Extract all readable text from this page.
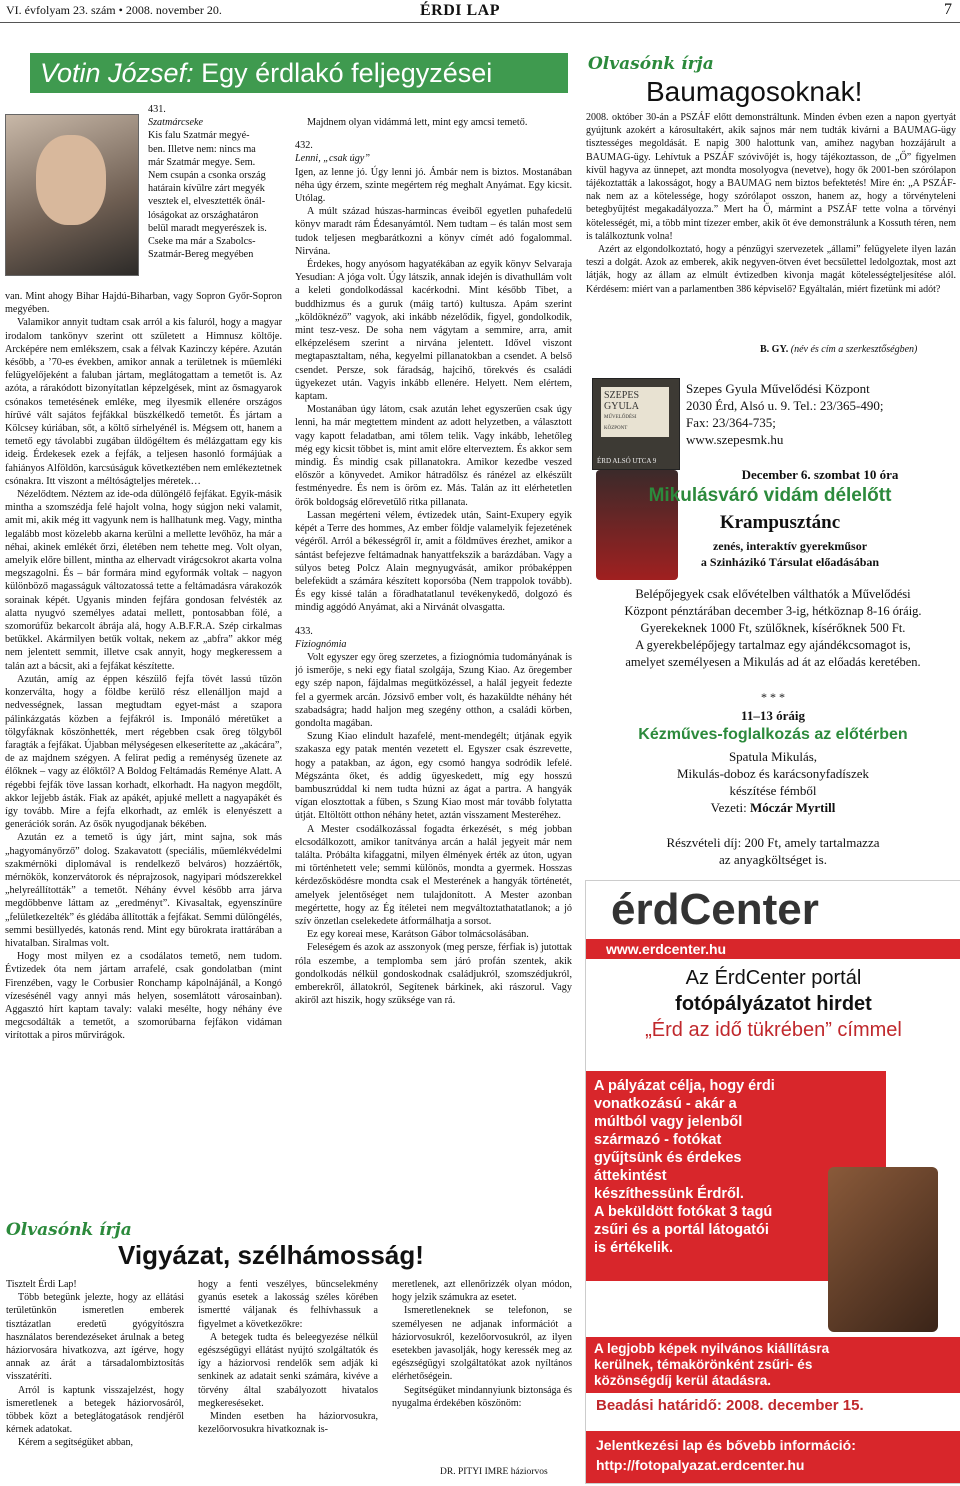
VI. évfolyam 23. szám • 2008. november 20.	ÉRDI LAP	7
Votin József: Egy érdlakó feljegyzései
431.
Szatmárcseke
Kis falu Szatmár megyé-
ben. Illetve nem: nincs ma
már Szatmár megye. Sem.
Nem csupán a csonka ország
határain kívülre zárt megyék
vesztek el, elvesztették önál-
lóságokat az országhatáron
belül maradt megyerészek is.
Cseke ma már a Szabolcs-
Szatmár-Bereg megyében

van. Mint ahogy Bihar Hajdú-Biharban, vagy Sopron Győr-Sopron megyében.

Valamikor annyit tudtam csak arról a kis faluról, hogy a magyar irodalom tankönyv szerint ott született a Himnusz költője. Arcképére nem emlékszem, csak a félvak Kazinczy képére. Azután később, a ’70-es években, amikor annak a területnek is műemléki felügyelőjeként a faluban jártam, meglátogattam a temetőt is. Az azóta, a rárakódott bizonyítatlan képzelgések, mint az ősmagyarok csónakos temetésének emléke, meg ilyesmik ellenére országos hírűvé vált sajátos fejfákkal büszkélkedő temetőt. És jártam a Kölcsey kúriában, sőt, a költő sírhelyénél is. Mégsem ott, hanem a temető egy távolabbi zugában üldögéltem és mélázgattam egy kis ideig. Érdekesek ezek a fejfák, a teljesen hasonló formájúak a fahiányos Alföldön, karcsúságuk következtében nem emlékeztetnek csónakra. Itt viszont a méltóságteljes méretek…

Nézelődtem. Néztem az ide-oda dülöngélő fejfákat. Egyik-másik mintha a szomszédja felé hajolt volna, hogy súgjon neki valamit, amit mi, akik még itt vagyunk nem is hallhatunk meg. Vagy, mintha legalább most közelebb akarna kerülni a mellette levőhöz, ha már a néhai, akinek emlékét őrzi, életében nem tehette meg. Volt olyan, amelyik előre billent, mintha az elhervadt virágcsokrot akarta volna megszagolni. És – bár formára mind egyformák voltak – nagyon különböző magasságuk változatossá tette a feltámadásra várakozók sorainak képét. Ugyanis minden fejfára gondosan felvésték az alatta nyugvó személyes adatai mellett, pontosabban fölé, a szomorúfűz bekarcolt ábrája alá, hogy A.B.F.R.A. Szép cirkalmas betűkkel. Akármilyen betűk voltak, nekem az „abfra” akkor még nem jelentett semmit, illetve csak annyit, hogy megkeressem a talán azt a bácsit, aki a fejfákat készítette.

Azután, amíg az éppen készülő fejfa tövét lassú tűzön konzerválta, hogy a földbe kerülő rész ellenálljon majd a nedvességnek, lassan megtudtam egyet-mást a szapora pálinkázgatás közben a fejfákról is. Imponáló méretüket a tölgyfáknak köszönhették, mert régebben csak öreg tölgyből faragták a fejfákat. Újabban mélységesen elkeserítette az „akácára”, de az majdnem szégyen. A felirat pedig a reménység üzenete az élőknek – vagy az élőktől? A Boldog Feltámadás Reménye Alatt. A régebbi fejfák töve lassan korhadt, elkorhadt. Ha nagyon megdőlt, akkor lejjebb ásták. Fiak az apákét, apjuké mellett a nagyapákét és így tovább. Mire a fejfa elkorhadt, az emlék is elenyészett a generációk során. Az ősök nyugodjanak békében.

Azután ez a temető is úgy járt, mint sajna, sok más „hagyományőrző” dolog. Szakavatott (speciális, műemlékvédelmi szakmérnöki diplomával is rendelkező belváros) hozzáértők, mérnökök, konzervátorok és néprajzosok, nagyipari módszerekkel „helyreállították” a temetőt. Néhány évvel később arra járva megdöbbenve láttam az „eredményt”. Kivasaltak, egyenszínűre „felületkezelték” és glédába állították a fejfákat. Semmi dülöngélés, semmi besüllyedés, katonás rend. Mint egy bürokrata irattárában a hivatalban. Siralmas volt.

Hogy most milyen ez a csodálatos temető, nem tudom. Évtizedek óta nem jártam arrafelé, csak gondolatban (mint Firenzében, vagy le Corbusier Ronchamp kápolnájánál, a Kongó vízesésénél vagy annyi más helyen, sosemlátott városainban). Aggasztó hírt kaptam tavaly: valaki mesélte, hogy néhány éve megcsodálták a temetőt, a szomorúbarna fejfákon vidáman virítottak a piros műrvirágok.

Majdnem olyan vidámmá lett, mint egy amcsi temető.

432.
Lenni, „csak úgy”

Igen, az lenne jó. Úgy lenni jó. Ámbár nem is biztos. Mostanában néha úgy érzem, szinte megértem rég meghalt Anyámat. Egy kicsit. Utólag.

A múlt század húszas-harmincas éveiből egyetlen puhafedelű könyv maradt rám Édesanyámtól. Nem tudtam – és talán most sem tudok teljesen megbarátkozni a könyv címét adó fogalommal. Nirvána.

Érdekes, hogy anyósom hagyatékában az egyik könyv Selvaraja Yesudian: A jóga volt. Úgy látszik, annak idején is divathullám volt a keleti gondolkodással kacérkodni. Mint később Tibet, a buddhizmus és a guruk (máig tartó) kultusza. Apám szerint „köldöknéző” vagyok, aki inkább nézelődik, figyel, gondolkodik, mint tesz-vesz. De soha nem vágytam a semmire, arra, amit elképzelésem szerint a nirvána jelentett. Idővel viszont megtapasztaltam, néha, kegyelmi pillanatokban a csendet. A belső csendet. Persze, sok fáradság, hajcihő, törekvés és családi ügyekezet után. Vagyis inkább ellenére. Helyett. Nem elértem, kaptam.

Mostanában úgy látom, csak azután lehet egyszerűen csak úgy lenni, ha már megtettem mindent az adott helyzetben, a választott vagy kapott feladatban, ami tőlem telik. Vagy inkább, lehetőleg még egy kicsit többet is, mint amit előre elterveztem. És akkor sem mindig. És mindig csak pillanatokra. Amikor kezedbe veszed először a könyvedet. Amikor hátradőlsz és ránézel az elkészült festményedre. És nem is öröm ez. Más. Talán az itt elérhetetlen örök boldogság előrevetülő ritka pillanata.

Lassan megérteni vélem, évtizedek után, Saint-Exupery egyik képét a Terre des hommes, Az ember földje valamelyik fejezetének végéről. Arról a békességről ír, amit a földműves érezhet, amikor a sántást befejezve feltámadnak hanyattfekszik a barázdában. Vagy a súlyos beteg Polcz Alain megnyugvását, amikor próbaképpen belefeküdt a számára készített koporsóba (Nem trappolok tovább). És egy kissé talán a föradhatatlanul tevékenykedő, dolgozó és mindig aggódó Anyámat, aki a Nirvánát olvasgatta.

433.
Fiziognómia

Volt egyszer egy öreg szerzetes, a fiziognómia tudományának is jó ismerője, s neki egy fiatal szolgája, Szung Kiao. Az öregember egy szép napon, fájdalmas megütközéssel, a halál jegyeit fedezte fel a gyermek arcán. Józsivő ember volt, és hazaküldte néhány hét szabadságra; hadd haljon meg szegény otthon, a családi körben, gondolta magában.

Szung Kiao elindult hazafelé, ment-mendegélt; útjának egyik szakasza egy patak mentén vezetett el. Egyszer csak észrevette, hogy a patakban, az ágon, egy csomó hangya sodródik lefelé. Mégszánta őket, és addig ügyeskedett, míg egy hosszú bambuszrúddal ki nem tudta húzni az ágat a partra. A hangyák vígan elosztottak a fűben, s Szung Kiao most már tovább folytatta útját. Eltöltött otthon néhány hetet, aztán visszament Mesteréhez.

A Mester csodálkozással fogadta érkezését, s még jobban elcsodálkozott, amikor tanítványa arcán a halál jegyeit már nem találta. Próbálta kifaggatni, milyen élmények érték az úton, ugyan mi történhetett vele; semmi különös, mondta a gyermek. Hosszas kérdezősködésre mondta csak el Mesterének a hangyák történetét, amelyek jelentőséget nem tulajdonított. A Mester azonban megértette, hogy az Ég ítéletei nem megváltoztathatatlanok; a jó szív önzetlan cselekedete átformálhatja a sorsot.

Ez egy koreai mese, Karátson Gábor tolmácsolásában.

Feleségem és azok az asszonyok (meg persze, férfiak is) jutottak róla eszembe, a templomba sem járó profán szentek, akik gondolkodás nélkül gondoskodnak családjukról, szomszédjukról, emberekről, állatokról, Segítenek bárkinek, aki rászorul. Vagy akiről azt hiszik, hogy szüksége van rá.

Olvasónk írja
Baumagosoknak!

2008. október 30-án a PSZÁF előtt demonstráltunk. Minden évben ezen a napon gyertyát gyújtunk azokért a károsultakért, akik sajnos már nem tudták kivárni a BAUMAG-ügy tisztességes megoldását. E napig 300 halottunk van, amihez nagyban hozzájárult a BAUMAG-ügy. Lehívtuk a PSZÁF szóvivőjét is, hogy tájékoztasson, de „Ő” figyelmen kívül hagyva az ünnepet, azt mondta mosolyogva (nevetve), hogy ők 2001-ben szórólapon tájékoztatták a lakosságot, hogy a BAUMAG nem biztos befektetés! Mire én: „A PSZÁF-nak nem az a kötelessége, hogy szórólapot osszon, hanem az, hogy a törvényteleni betegbyűjtést megakadályozza.” Mert ha Ő, mármint a PSZÁF tette volna a törvényi kötelességét, mi, a több mint tízezer ember, akik öt éve demonstrálunk a Kossuth téren, nem is találkoztunk volna!

Azért az elgondolkoztató, hogy a pénzügyi szervezetek „állami” felügyelete ilyen lazán teszi a dolgát. Azok az emberek, akik negyven-ötven évet becsülettel ledolgoztak, most azt látják, hogy az állam az elmúlt évtizedben kivonja magát kötelességteljesítése alól. Kérdésem: miért van a parlamentben 386 képviselő? Egyáltalán, miért fizetünk mi adót?

B. GY. (név és cím a szerkesztőségben)
SZEPES
GYULA
MŰVELŐDÉSI
KÖZPONT
ÉRD ALSÓ UTCA 9
Szepes Gyula Művelődési Központ
2030 Érd, Alsó u. 9. Tel.: 23/365-490;
Fax: 23/364-735;
www.szepesmk.hu
December 6. szombat 10 óra
Mikulásváró vidám délelőtt
Krampusztánc
zenés, interaktív gyerekműsor
a Szinházikó Társulat előadásában
Belépőjegyek csak elővételben válthatók a Művelődési
Központ pénztárában december 3-ig, hétköznap 8-16 óráig.
Gyerekeknek 1000 Ft, szülőknek, kísérőknek 500 Ft.
A gyerekbelépőjegy tartalmaz egy ajándékcsomagot is,
amelyet személyesen a Mikulás ad át az előadás keretében.
* * *
11–13 óráig
Kézműves-foglalkozás az előtérben
Spatula Mikulás,
Mikulás-doboz és karácsonyfadíszek
készítése fémből
Vezeti: Móczár Myrtill
Részvételi díj: 200 Ft, amely tartalmazza
az anyagköltséget is.
érdCenter
www.erdcenter.hu
Az ÉrdCenter portál
fotópályázatot hirdet
„Érd az idő tükrében” címmel
A pályázat célja, hogy érdi
vonatkozású - akár a
múltból vagy jelenből
származó - fotókat
gyűjtsünk és érdekes
áttekintést
készíthessünk Érdről.
A beküldött fotókat 3 tagú
zsűri és a portál látogatói
is értékelik.
A legjobb képek nyilvános kiállításra
kerülnek, témakörönként zsűri- és
közönségdíj kerül átadásra.
Beadási határidő: 2008. december 15.
Jelentkezési lap és bővebb információ:
http://fotopalyazat.erdcenter.hu
Olvasónk írja
Vigyázat, szélhámosság!

Tisztelt Érdi Lap!

Több betegünk jelezte, hogy az ellátási területünkön ismeretlen emberek tisztázatlan eredetű gyógyítószra használatos berendezéseket árulnak a beteg háziorvosára hivatkozva, azt ígérve, hogy annak az árát a társadalombiztosítás visszatéríti.

Arról is kaptunk visszajelzést, hogy ismeretlenek a betegek háziorvosáról, többek közt a beteglátogatások rendjéről kérnek adatokat.

Kérem a segítségüket abban,

hogy a fenti veszélyes, bűncselekmény gyanús esetek a lakosság széles körében ismertté váljanak és felhívhassuk a figyelmet a következőkre:

A betegek tudta és beleegyezése nélkül egészségügyi ellátást nyújtó szolgáltatók és így a háziorvosi rendelők sem adják ki senkinek az adatait senki számára, kivéve a törvény által szabályozott hivatalos megkereséseket.

Minden esetben ha háziorvosukra, kezelőorvosukra hivatkoznak is-

meretlenek, azt ellenőrizzék olyan módon, hogy jelzik számukra az esetet.

Ismeretleneknek se telefonon, se személyesen ne adjanak információt a háziorvosukról, kezelőorvosukról, az ilyen esetekben javasolják, hogy keressék meg az egészségügyi szolgáltatókat azok nyíltános elérhetőségein.

Segítségüket mindannyiunk biztonsága és nyugalma érdekében köszönöm:

DR. PITYI IMRE háziorvos
